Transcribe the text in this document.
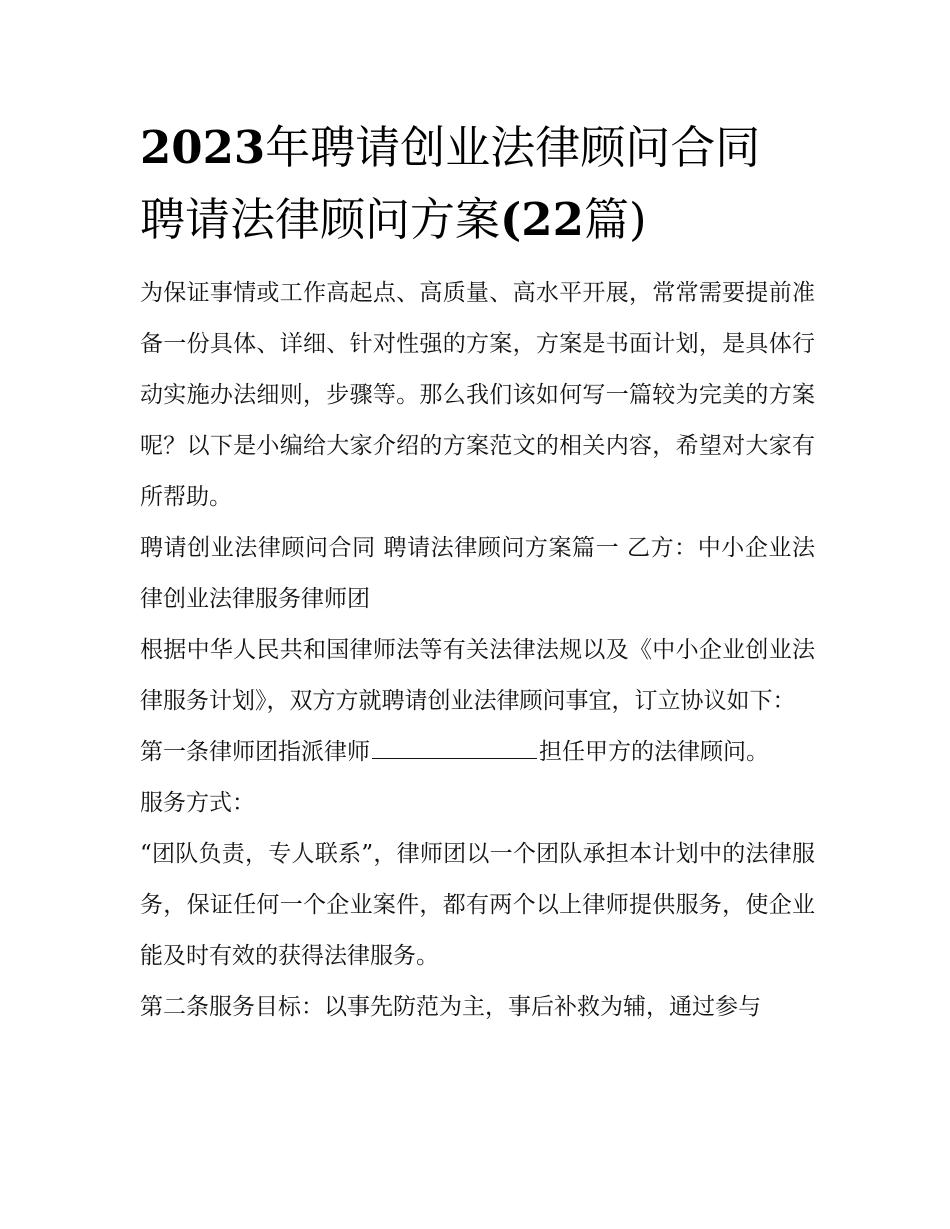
2023年聘请创业法律顾问合同
聘请法律顾问方案(22篇)

为保证事情或工作高起点、高质量、高水平开展，常常需要提前准备一份具体、详细、针对性强的方案，方案是书面计划，是具体行动实施办法细则，步骤等。那么我们该如何写一篇较为完美的方案呢？以下是小编给大家介绍的方案范文的相关内容，希望对大家有所帮助。

聘请创业法律顾问合同 聘请法律顾问方案篇一 乙方：中小企业法律创业法律服务律师团

根据中华人民共和国律师法等有关法律法规以及《中小企业创业法律服务计划》，双方方就聘请创业法律顾问事宜，订立协议如下：

第一条律师团指派律师	担任甲方的法律顾问。

服务方式：

“团队负责，专人联系”，律师团以一个团队承担本计划中的法律服务，保证任何一个企业案件，都有两个以上律师提供服务，使企业能及时有效的获得法律服务。

第二条服务目标：以事先防范为主，事后补救为辅，通过参与
